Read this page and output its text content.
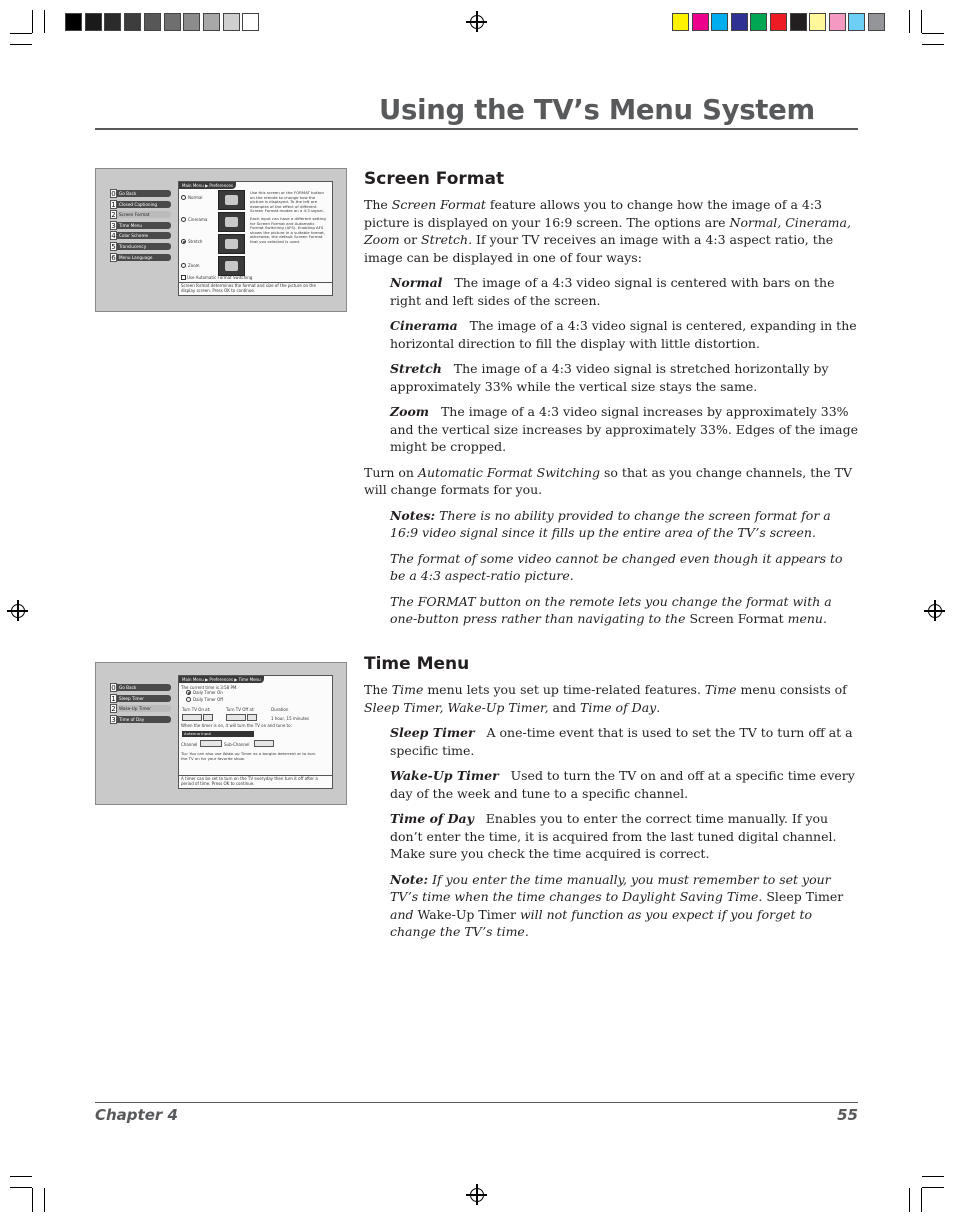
Using the TV’s Menu System
0 Go Back
1 Closed Captioning
2 Screen Format
3 Time Menu
4 Color Scheme
5 Translucency
6 Menu Language
Main Menu ▶ Preferences
Normal
Cinerama
Stretch
Zoom
Use this screen or the FORMAT button on the remote to change how the picture is displayed. To the left are examples of the effect of different Screen Format modes on a 4:3 signal.
Each input can have a different setting for Screen Format and Automatic Format Switching (AFS). Enabling AFS shows the picture in a suitable format, otherwise, the default Screen Format that you selected is used.
Use Automatic Format Switching
Screen format determines the format and size of the picture on the display screen. Press OK to continue.
Screen Format

The Screen Format feature allows you to change how the image of a 4:3 picture is displayed on your 16:9 screen. The options are Normal, Cinerama, Zoom or Stretch. If your TV receives an image with a 4:3 aspect ratio, the image can be displayed in one of four ways:

Normal The image of a 4:3 video signal is centered with bars on the right and left sides of the screen.

Cinerama The image of a 4:3 video signal is centered, expanding in the horizontal direction to fill the display with little distortion.

Stretch The image of a 4:3 video signal is stretched horizontally by approximately 33% while the vertical size stays the same.

Zoom The image of a 4:3 video signal increases by approximately 33% and the vertical size increases by approximately 33%. Edges of the image might be cropped.

Turn on Automatic Format Switching so that as you change channels, the TV will change formats for you.

Notes: There is no ability provided to change the screen format for a 16:9 video signal since it fills up the entire area of the TV’s screen.

The format of some video cannot be changed even though it appears to be a 4:3 aspect-ratio picture.

The FORMAT button on the remote lets you change the format with a one-button press rather than navigating to the Screen Format menu.

0 Go Back
1 Sleep Timer
2 Wake-Up Timer
3 Time of Day
Main Menu ▶ Preferences ▶ Time Menu
The current time is 3:58 PM.
Daily Timer On
Daily Timer Off
Turn TV On at:	Turn TV Off at:	Duration
1 hour, 15 minutes
When the timer is on, it will turn the TV on and tune to:
Antenna Input
Channel	Sub-Channel
Tip: You can also use Wake-up Timer as a burglar deterrent or to turn the TV on for your favorite show.
A timer can be set to turn on the TV everyday then turn it off after a period of time. Press OK to continue.
Time Menu

The Time menu lets you set up time-related features. Time menu consists of Sleep Timer, Wake-Up Timer, and Time of Day.

Sleep Timer A one-time event that is used to set the TV to turn off at a specific time.

Wake-Up Timer Used to turn the TV on and off at a specific time every day of the week and tune to a specific channel.

Time of Day Enables you to enter the correct time manually. If you don’t enter the time, it is acquired from the last tuned digital channel. Make sure you check the time acquired is correct.

Note: If you enter the time manually, you must remember to set your TV’s time when the time changes to Daylight Saving Time. Sleep Timer and Wake-Up Timer will not function as you expect if you forget to change the TV’s time.

Chapter 4	55
